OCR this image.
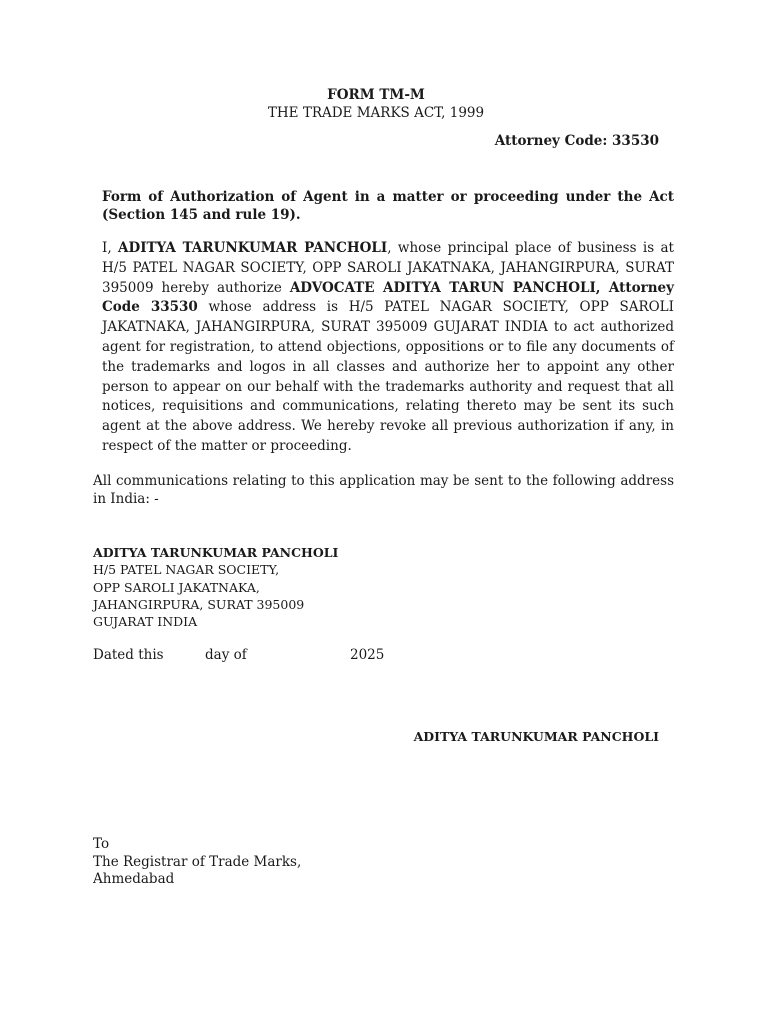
FORM TM-M
THE TRADE MARKS ACT, 1999
Attorney Code: 33530
Form of Authorization of Agent in a matter or proceeding under the Act (Section 145 and rule 19).
I, ADITYA TARUNKUMAR PANCHOLI, whose principal place of business is at H/5 PATEL NAGAR SOCIETY, OPP SAROLI JAKATNAKA, JAHANGIRPURA, SURAT 395009 hereby authorize ADVOCATE ADITYA TARUN PANCHOLI, Attorney Code 33530 whose address is H/5 PATEL NAGAR SOCIETY, OPP SAROLI JAKATNAKA, JAHANGIRPURA, SURAT 395009 GUJARAT INDIA to act authorized agent for registration, to attend objections, oppositions or to file any documents of the trademarks and logos in all classes and authorize her to appoint any other person to appear on our behalf with the trademarks authority and request that all notices, requisitions and communications, relating thereto may be sent its such agent at the above address. We hereby revoke all previous authorization if any, in respect of the matter or proceeding.
All communications relating to this application may be sent to the following address in India: -
ADITYA TARUNKUMAR PANCHOLI
H/5 PATEL NAGAR SOCIETY,
OPP SAROLI JAKATNAKA,
JAHANGIRPURA, SURAT 395009
GUJARAT INDIA
Dated this	day of	2025
ADITYA TARUNKUMAR PANCHOLI
To
The Registrar of Trade Marks,
Ahmedabad
